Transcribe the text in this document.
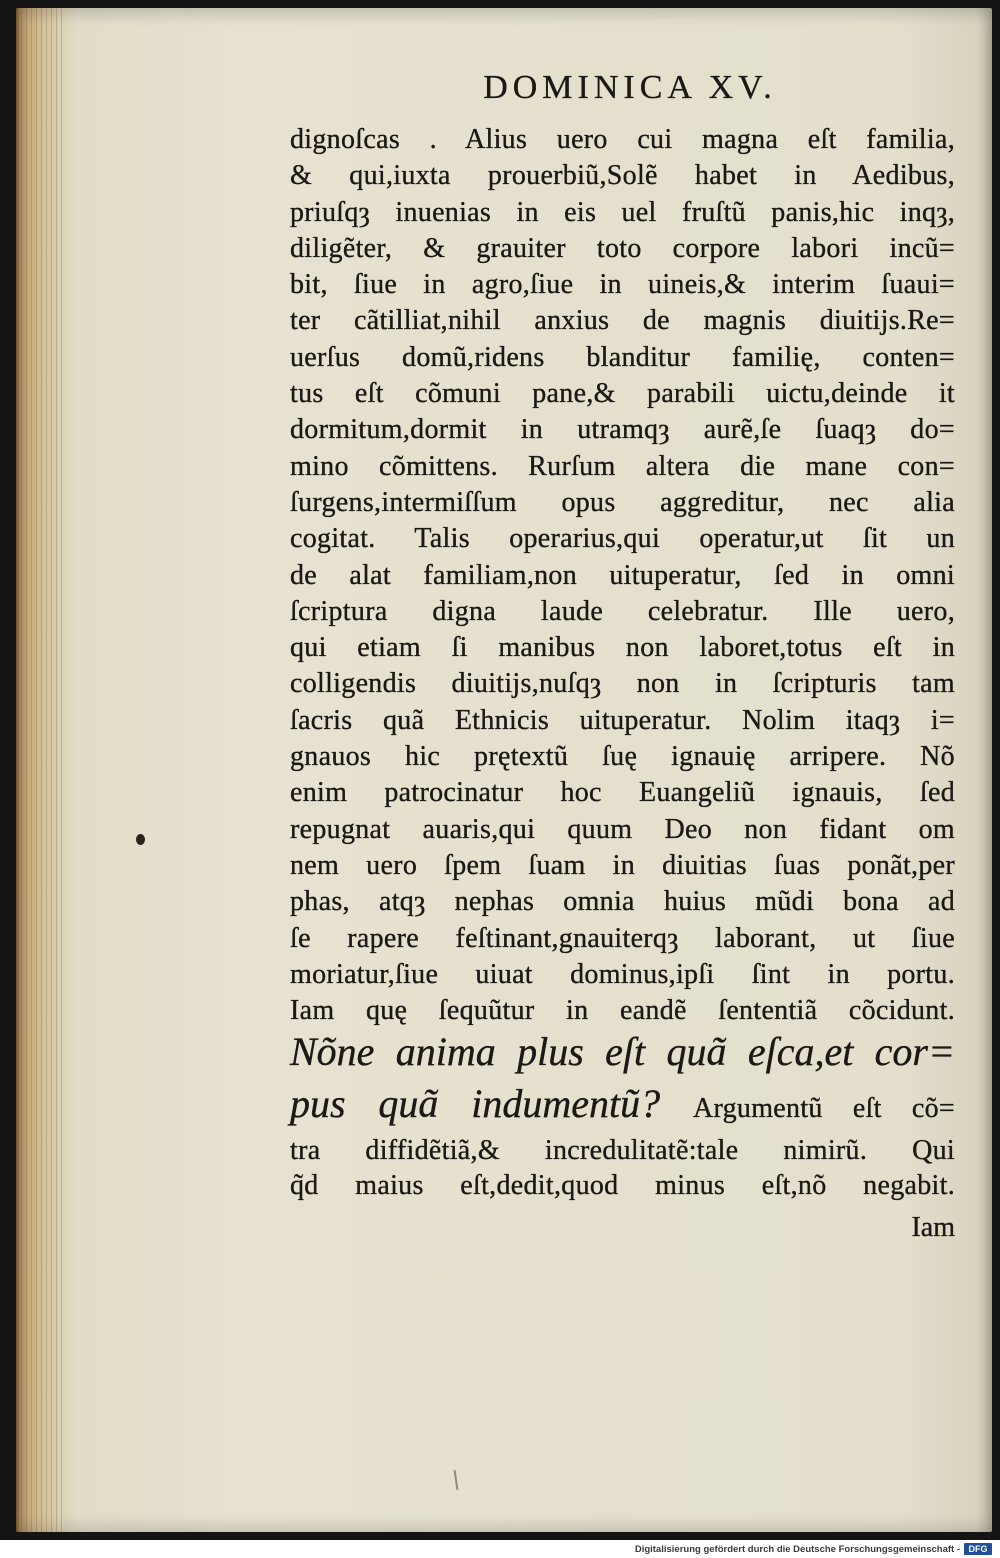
DOMINICA XV.
dignoſcas . Alius uero cui magna eſt familia,
& qui,iuxta prouerbiũ,Solẽ habet in Aedibus,
priuſqȝ inuenias in eis uel fruſtũ panis,hic inqȝ,
diligẽter, & grauiter toto corpore labori incũ=
bit, ſiue in agro,ſiue in uineis,& interim ſuaui=
ter cãtilliat,nihil anxius de magnis diuitijs.Re=
uerſus domũ,ridens blanditur familię, conten=
tus eſt cõmuni pane,& parabili uictu,deinde it
dormitum,dormit in utramqȝ aurẽ,ſe ſuaqȝ do=
mino cõmittens. Rurſum altera die mane con=
ſurgens,intermiſſum opus aggreditur, nec alia
cogitat. Talis operarius,qui operatur,ut ſit un
de alat familiam,non uituperatur, ſed in omni
ſcriptura digna laude celebratur. Ille uero,
qui etiam ſi manibus non laboret,totus eſt in
colligendis diuitijs,nuſqȝ non in ſcripturis tam
ſacris quã Ethnicis uituperatur. Nolim itaqȝ i=
gnauos hic prętextũ ſuę ignauię arripere. Nõ
enim patrocinatur hoc Euangeliũ ignauis, ſed
repugnat auaris,qui quum Deo non fidant om
nem uero ſpem ſuam in diuitias ſuas ponãt,per
phas, atqȝ nephas omnia huius mũdi bona ad
ſe rapere feſtinant,gnauiterqȝ laborant, ut ſiue
moriatur,ſiue uiuat dominus,ipſi ſint in portu.
Iam quę ſequũtur in eandẽ ſententiã cõcidunt.
Nõne anima plus eſt quã eſca,et cor=
pus quã indumentũ? Argumentũ eſt cõ=
tra diffidẽtiã,& incredulitatẽ:tale nimirũ. Qui
q̃d maius eſt,dedit,quod minus eſt,nõ negabit.
Iam
Digitalisierung gefördert durch die Deutsche Forschungsgemeinschaft - DFG
